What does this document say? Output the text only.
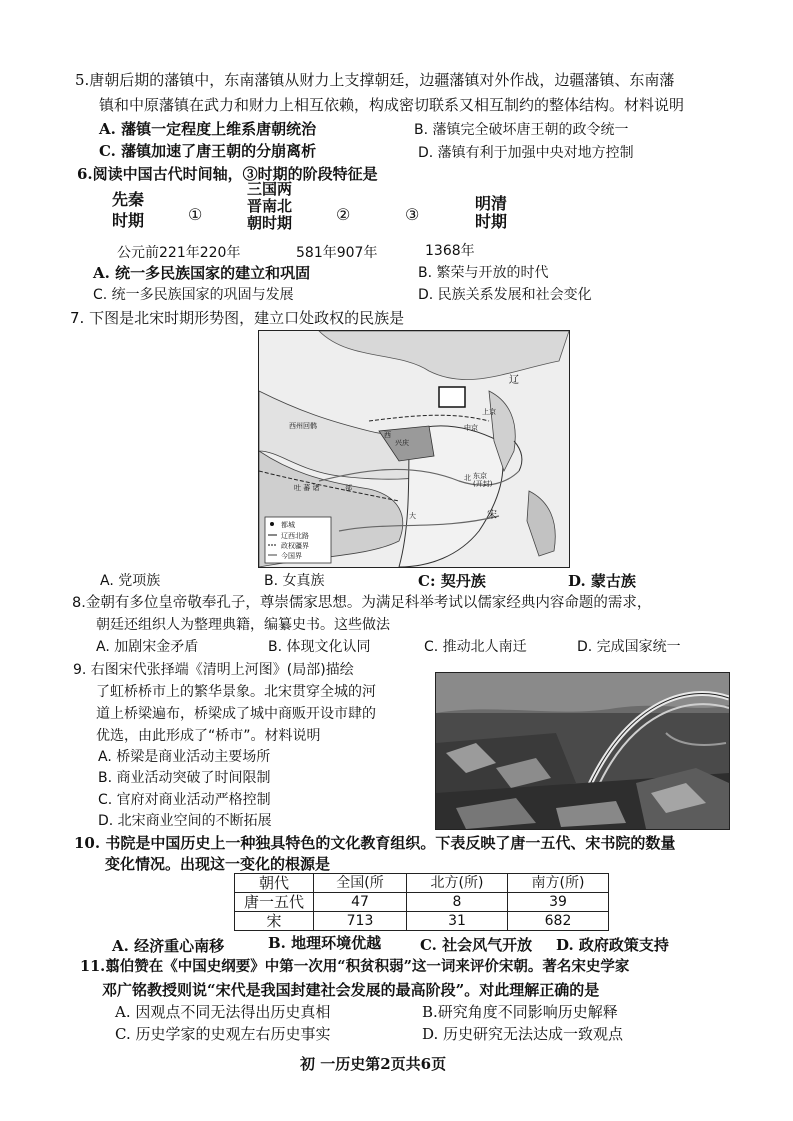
5.唐朝后期的藩镇中，东南藩镇从财力上支撑朝廷，边疆藩镇对外作战，边疆藩镇、东南藩
镇和中原藩镇在武力和财力上相互依赖，构成密切联系又相互制约的整体结构。材料说明
A. 藩镇一定程度上维系唐朝统治	B. 藩镇完全破坏唐王朝的政令统一
C. 藩镇加速了唐王朝的分崩离析	D. 藩镇有利于加强中央对地方控制
6.阅读中国古代时间轴，③时期的阶段特征是
先秦
时期	①
三国两
晋南北
朝时期	②	③
明清
时期
公元前221年220年	581年907年	1368年
A. 统一多民族国家的建立和巩固	B. 繁荣与开放的时代
C. 统一多民族国家的巩固与发展	D. 民族关系发展和社会变化
7. 下图是北宋时期形势图，建立口处政权的民族是
西州回鹘
西
兴庆
中京
上京
吐 蕃 诸	部
北 东京
(开封)
宋
大
辽
都城
辽西北路
政权疆界
今国界
A. 党项族	B. 女真族	C: 契丹族	D. 蒙古族
8.金朝有多位皇帝敬奉孔子，尊崇儒家思想。为满足科举考试以儒家经典内容命题的需求，
朝廷还组织人为整理典籍，编纂史书。这些做法
A. 加剧宋金矛盾	B. 体现文化认同	C. 推动北人南迁	D. 完成国家统一
9. 右图宋代张择端《清明上河图》(局部)描绘
了虹桥桥市上的繁华景象。北宋贯穿全城的河
道上桥梁遍布，桥梁成了城中商贩开设市肆的
优选，由此形成了“桥市”。材料说明
A. 桥梁是商业活动主要场所
B. 商业活动突破了时间限制
C. 官府对商业活动严格控制
D. 北宋商业空间的不断拓展
10. 书院是中国历史上一种独具特色的文化教育组织。下表反映了唐一五代、宋书院的数量
变化情况。出现这一变化的根源是
朝代	全国(所	北方(所)	南方(所)
唐一五代	47	8	39
宋	713	31	682
A. 经济重心南移	B. 地理环境优越	C. 社会风气开放 D. 政府政策支持
11.翦伯赞在《中国史纲要》中第一次用“积贫积弱”这一词来评价宋朝。著名宋史学家
邓广铭教授则说“宋代是我国封建社会发展的最高阶段”。对此理解正确的是
A. 因观点不同无法得出历史真相	B.研究角度不同影响历史解释
C. 历史学家的史观左右历史事实	D. 历史研究无法达成一致观点
初 一历史第2页共6页
